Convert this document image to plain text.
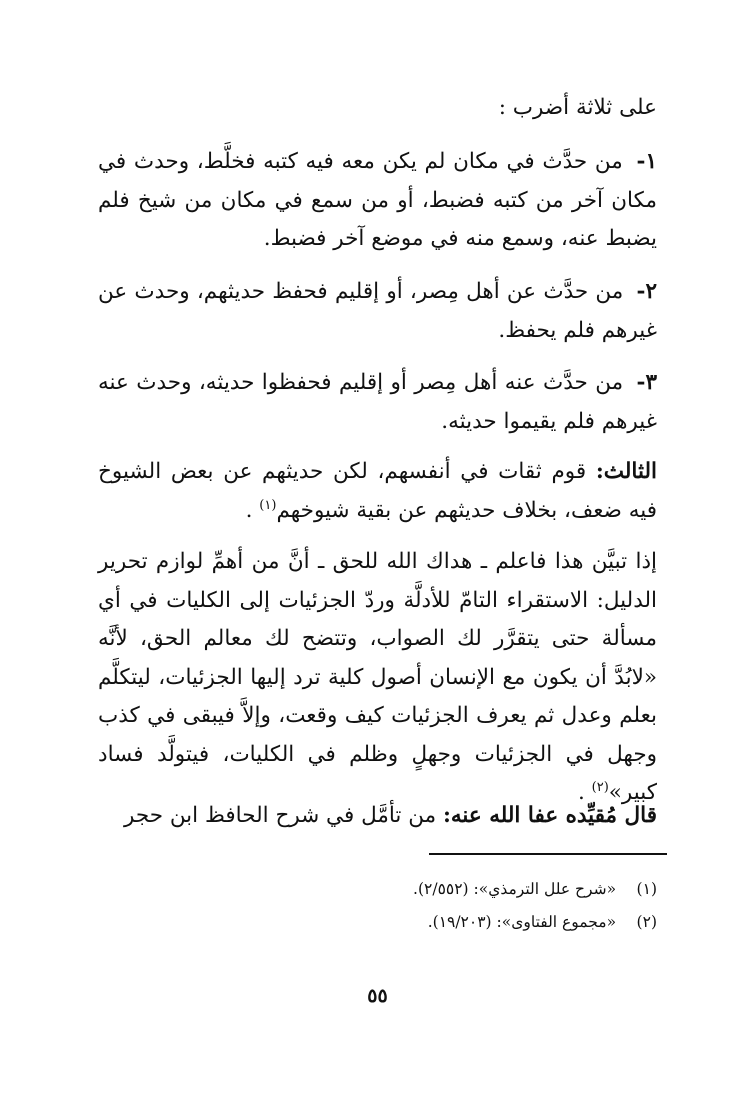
على ثلاثة أضرب :

١- من حدَّث في مكان لم يكن معه فيه كتبه فخلَّط، وحدث في مكان آخر من كتبه فضبط، أو من سمع في مكان من شيخ فلم يضبط عنه، وسمع منه في موضع آخر فضبط.

٢- من حدَّث عن أهل مِصر، أو إقليم فحفظ حديثهم، وحدث عن غيرهم فلم يحفظ.

٣- من حدَّث عنه أهل مِصر أو إقليم فحفظوا حديثه، وحدث عنه غيرهم فلم يقيموا حديثه.

الثالث: قوم ثقات في أنفسهم، لكن حديثهم عن بعض الشيوخ فيه ضعف، بخلاف حديثهم عن بقية شيوخهم$^{(١)}$ .

إذا تبيَّن هذا فاعلم ـ هداك الله للحق ـ أنَّ من أهمِّ لوازم تحرير الدليل: الاستقراء التامّ للأدلَّة وردّ الجزئيات إلى الكليات في أي مسألة حتى يتقرَّر لك الصواب، وتتضح لك معالم الحق، لأنَّه «لابُدَّ أن يكون مع الإنسان أصول كلية ترد إليها الجزئيات، ليتكلَّم بعلم وعدل ثم يعرف الجزئيات كيف وقعت، وإلاَّ فيبقى في كذب وجهل في الجزئيات وجهلٍ وظلم في الكليات، فيتولَّد فساد كبير»$^{(٢)}$ .

قال مُقيِّده عفا الله عنه: من تأمَّل في شرح الحافظ ابن حجر

(١) «شرح علل الترمذي»: (٢/٥٥٢).

(٢) «مجموع الفتاوى»: (١٩/٢٠٣).

٥٥
